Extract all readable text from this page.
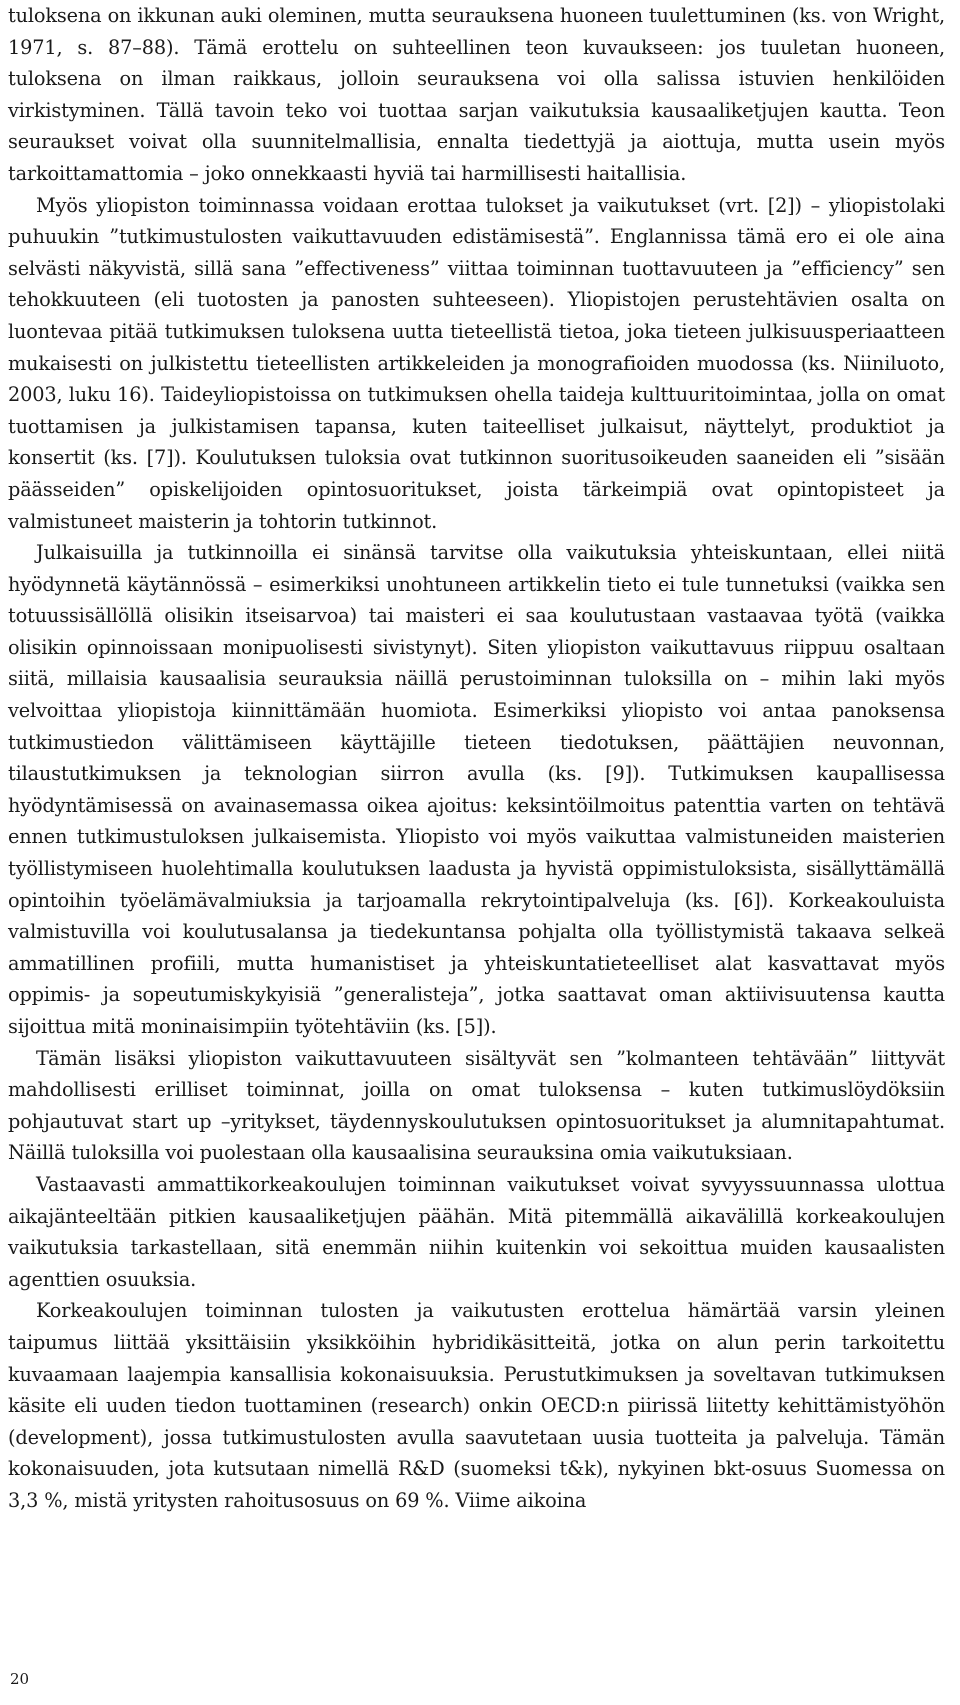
tuloksena on ikkunan auki oleminen, mutta seurauksena huoneen tuulettuminen (ks. von Wright, 1971, s. 87–88). Tämä erottelu on suhteellinen teon kuvaukseen: jos tuuletan huoneen, tuloksena on ilman raikkaus, jolloin seurauksena voi olla salissa istuvien henkilöiden virkistyminen. Tällä tavoin teko voi tuottaa sarjan vaikutuksia kausaaliketjujen kautta. Teon seuraukset voivat olla suunnitelmallisia, ennalta tiedettyjä ja aiottuja, mutta usein myös tarkoittamattomia – joko onnekkaasti hyviä tai harmillisesti haitallisia.

Myös yliopiston toiminnassa voidaan erottaa tulokset ja vaikutukset (vrt. [2]) – yliopistolaki puhuukin ”tutkimustulosten vaikuttavuuden edistämisestä”. Englannissa tämä ero ei ole aina selvästi näkyvistä, sillä sana ”effectiveness” viittaa toiminnan tuottavuuteen ja ”efficiency” sen tehokkuuteen (eli tuotosten ja panosten suhteeseen). Yliopistojen perustehtävien osalta on luontevaa pitää tutkimuksen tuloksena uutta tieteellistä tietoa, joka tieteen julkisuusperiaatteen mukaisesti on julkistettu tieteellisten artikkeleiden ja monografioiden muodossa (ks. Niiniluoto, 2003, luku 16). Taideyliopistoissa on tutkimuksen ohella taideja kulttuuritoimintaa, jolla on omat tuottamisen ja julkistamisen tapansa, kuten taiteelliset julkaisut, näyttelyt, produktiot ja konsertit (ks. [7]). Koulutuksen tuloksia ovat tutkinnon suoritusoikeuden saaneiden eli ”sisään päässeiden” opiskelijoiden opintosuoritukset, joista tärkeimpiä ovat opintopisteet ja valmistuneet maisterin ja tohtorin tutkinnot.

Julkaisuilla ja tutkinnoilla ei sinänsä tarvitse olla vaikutuksia yhteiskuntaan, ellei niitä hyödynnetä käytännössä – esimerkiksi unohtuneen artikkelin tieto ei tule tunnetuksi (vaikka sen totuussisällöllä olisikin itseisarvoa) tai maisteri ei saa koulutustaan vastaavaa työtä (vaikka olisikin opinnoissaan monipuolisesti sivistynyt). Siten yliopiston vaikuttavuus riippuu osaltaan siitä, millaisia kausaalisia seurauksia näillä perustoiminnan tuloksilla on – mihin laki myös velvoittaa yliopistoja kiinnittämään huomiota. Esimerkiksi yliopisto voi antaa panoksensa tutkimustiedon välittämiseen käyttäjille tieteen tiedotuksen, päättäjien neuvonnan, tilaustutkimuksen ja teknologian siirron avulla (ks. [9]). Tutkimuksen kaupallisessa hyödyntämisessä on avainasemassa oikea ajoitus: keksintöilmoitus patenttia varten on tehtävä ennen tutkimustuloksen julkaisemista. Yliopisto voi myös vaikuttaa valmistuneiden maisterien työllistymiseen huolehtimalla koulutuksen laadusta ja hyvistä oppimistuloksista, sisällyttämällä opintoihin työelämävalmiuksia ja tarjoamalla rekrytointipalveluja (ks. [6]). Korkeakouluista valmistuvilla voi koulutusalansa ja tiedekuntansa pohjalta olla työllistymistä takaava selkeä ammatillinen profiili, mutta humanistiset ja yhteiskuntatieteelliset alat kasvattavat myös oppimis- ja sopeutumiskykyisiä ”generalisteja”, jotka saattavat oman aktiivisuutensa kautta sijoittua mitä moninaisimpiin työtehtäviin (ks. [5]).

Tämän lisäksi yliopiston vaikuttavuuteen sisältyvät sen ”kolmanteen tehtävään” liittyvät mahdollisesti erilliset toiminnat, joilla on omat tuloksensa – kuten tutkimuslöydöksiin pohjautuvat start up –yritykset, täydennyskoulutuksen opintosuoritukset ja alumnitapahtumat. Näillä tuloksilla voi puolestaan olla kausaalisina seurauksina omia vaikutuksiaan.

Vastaavasti ammattikorkeakoulujen toiminnan vaikutukset voivat syvyyssuunnassa ulottua aikajänteeltään pitkien kausaaliketjujen päähän. Mitä pitemmällä aikavälillä korkeakoulujen vaikutuksia tarkastellaan, sitä enemmän niihin kuitenkin voi sekoittua muiden kausaalisten agenttien osuuksia.

Korkeakoulujen toiminnan tulosten ja vaikutusten erottelua hämärtää varsin yleinen taipumus liittää yksittäisiin yksikköihin hybridikäsitteitä, jotka on alun perin tarkoitettu kuvaamaan laajempia kansallisia kokonaisuuksia. Perustutkimuksen ja soveltavan tutkimuksen käsite eli uuden tiedon tuottaminen (research) onkin OECD:n piirissä liitetty kehittämistyöhön (development), jossa tutkimustulosten avulla saavutetaan uusia tuotteita ja palveluja. Tämän kokonaisuuden, jota kutsutaan nimellä R&D (suomeksi t&k), nykyinen bkt-osuus Suomessa on 3,3 %, mistä yritysten rahoitusosuus on 69 %. Viime aikoina

20
